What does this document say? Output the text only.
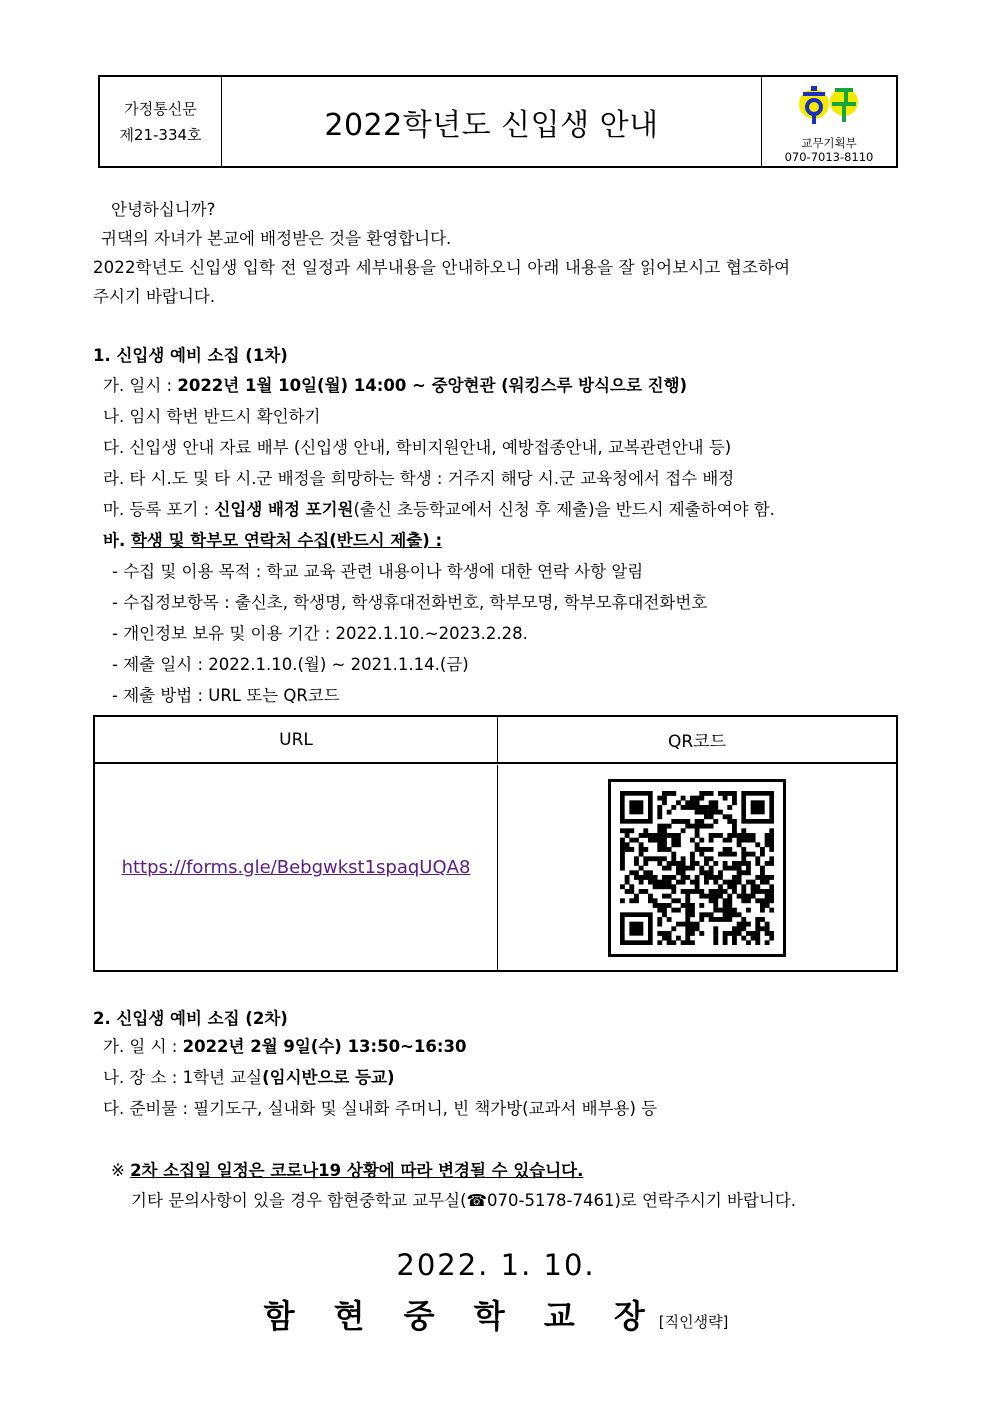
가정통신문
제21-334호	2022학년도 신입생 안내
교무기획부
070-7013-8110
안녕하십니까?
귀댁의 자녀가 본교에 배정받은 것을 환영합니다.
2022학년도 신입생 입학 전 일정과 세부내용을 안내하오니 아래 내용을 잘 읽어보시고 협조하여
주시기 바랍니다.
1. 신입생 예비 소집 (1차)
가. 일시 : 2022년 1월 10일(월) 14:00 ~ 중앙현관 (워킹스루 방식으로 진행)
나. 임시 학번 반드시 확인하기
다. 신입생 안내 자료 배부 (신입생 안내, 학비지원안내, 예방접종안내, 교복관련안내 등)
라. 타 시.도 및 타 시.군 배정을 희망하는 학생 : 거주지 해당 시.군 교육청에서 접수 배정
마. 등록 포기 : 신입생 배정 포기원(출신 초등학교에서 신청 후 제출)을 반드시 제출하여야 함.
바. 학생 및 학부모 연락처 수집(반드시 제출) :
- 수집 및 이용 목적 : 학교 교육 관련 내용이나 학생에 대한 연락 사항 알림
- 수집정보항목 : 출신초, 학생명, 학생휴대전화번호, 학부모명, 학부모휴대전화번호
- 개인정보 보유 및 이용 기간 : 2022.1.10.~2023.2.28.
- 제출 일시 : 2022.1.10.(월) ~ 2021.1.14.(금)
- 제출 방법 : URL 또는 QR코드
URL	QR코드
https://forms.gle/Bebgwkst1spaqUQA8
2. 신입생 예비 소집 (2차)
가. 일 시 : 2022년 2월 9일(수) 13:50~16:30
나. 장 소 : 1학년 교실(임시반으로 등교)
다. 준비물 : 필기도구, 실내화 및 실내화 주머니, 빈 책가방(교과서 배부용) 등
※ 2차 소집일 일정은 코로나19 상황에 따라 변경될 수 있습니다.
기타 문의사항이 있을 경우 함현중학교 교무실(☎070-5178-7461)로 연락주시기 바랍니다.
2022. 1. 10.
함 현 중 학 교 장[직인생략]
